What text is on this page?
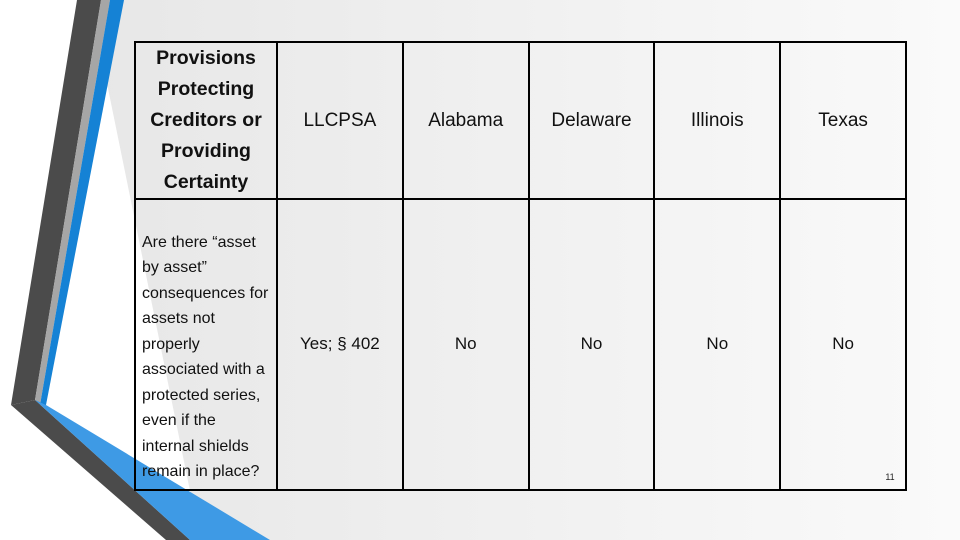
Provisions Protecting Creditors or Providing Certainty	LLCPSA	Alabama	Delaware	Illinois	Texas

Are there “asset by asset” consequences for assets not properly associated with a protected series, even if the internal shields remain in place?	Yes; § 402	No	No	No	No
11
